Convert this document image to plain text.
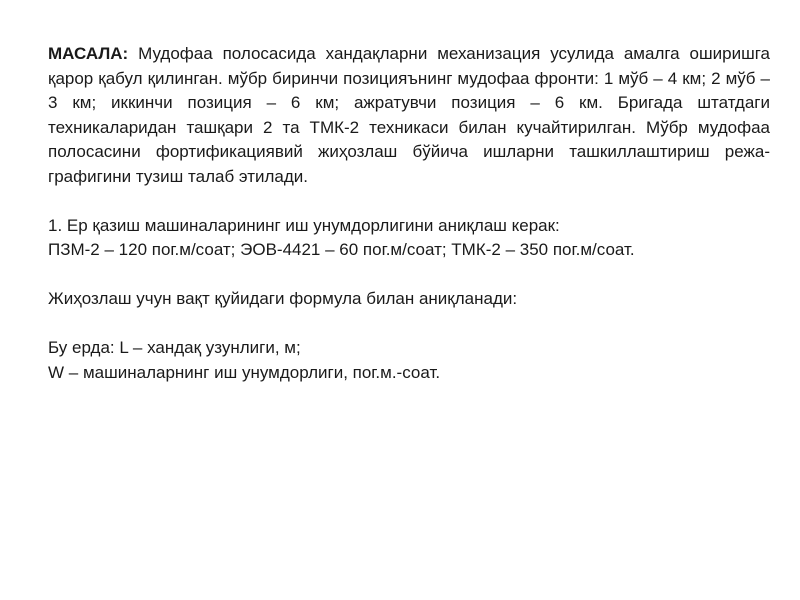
МАСАЛА: Мудофаа полосасида хандақларни механизация усулида амалга оширишга қарор қабул қилинган. мўбр биринчи позицияънинг мудофаа фронти: 1 мўб – 4 км; 2 мўб – 3 км; иккинчи позиция – 6 км; ажратувчи позиция – 6 км. Бригада штатдаги техникаларидан ташқари 2 та ТМК-2 техникаси билан кучайтирилган. Мўбр мудофаа полосасини фортификациявий жиҳозлаш бўйича ишларни ташкиллаштириш режа-графигини тузиш талаб этилади.

1. Ер қазиш машиналарининг иш унумдорлигини аниқлаш керак:

ПЗМ-2 – 120 пог.м/соат; ЭОВ-4421 – 60 пог.м/соат; ТМК-2 – 350 пог.м/соат.

Жиҳозлаш учун вақт қуйидаги формула билан аниқланади:

Бу ерда: L – хандақ узунлиги, м;

W – машиналарнинг иш унумдорлиги, пог.м.-соат.
